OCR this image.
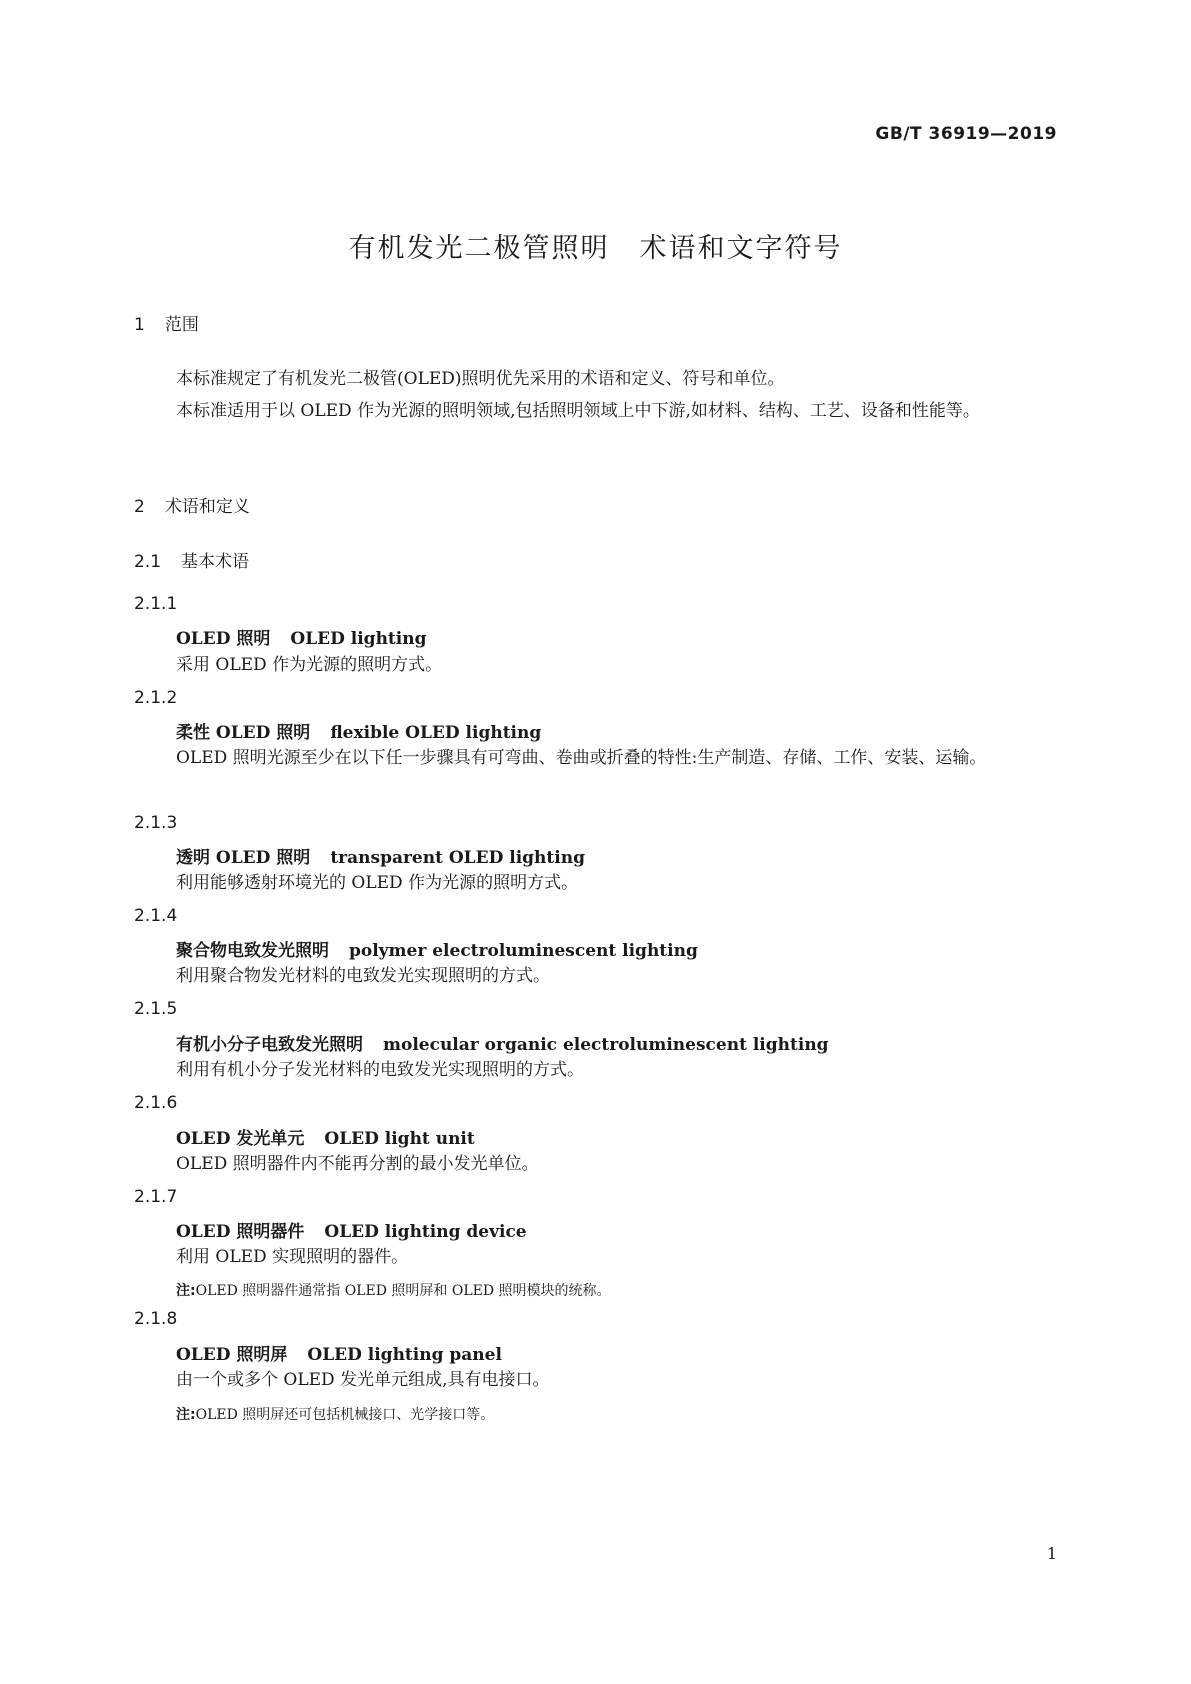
GB/T 36919—2019
有机发光二极管照明 术语和文字符号
1 范围

本标准规定了有机发光二极管(OLED)照明优先采用的术语和定义、符号和单位。

本标准适用于以 OLED 作为光源的照明领域,包括照明领域上中下游,如材料、结构、工艺、设备和性能等。

2 术语和定义
2.1 基本术语
2.1.1
OLED 照明 OLED lighting

采用 OLED 作为光源的照明方式。

2.1.2
柔性 OLED 照明 flexible OLED lighting

OLED 照明光源至少在以下任一步骤具有可弯曲、卷曲或折叠的特性:生产制造、存储、工作、安装、运输。

2.1.3
透明 OLED 照明 transparent OLED lighting

利用能够透射环境光的 OLED 作为光源的照明方式。

2.1.4
聚合物电致发光照明 polymer electroluminescent lighting

利用聚合物发光材料的电致发光实现照明的方式。

2.1.5
有机小分子电致发光照明 molecular organic electroluminescent lighting

利用有机小分子发光材料的电致发光实现照明的方式。

2.1.6
OLED 发光单元 OLED light unit

OLED 照明器件内不能再分割的最小发光单位。

2.1.7
OLED 照明器件 OLED lighting device

利用 OLED 实现照明的器件。

注:OLED 照明器件通常指 OLED 照明屏和 OLED 照明模块的统称。
2.1.8
OLED 照明屏 OLED lighting panel

由一个或多个 OLED 发光单元组成,具有电接口。

注:OLED 照明屏还可包括机械接口、光学接口等。
1
